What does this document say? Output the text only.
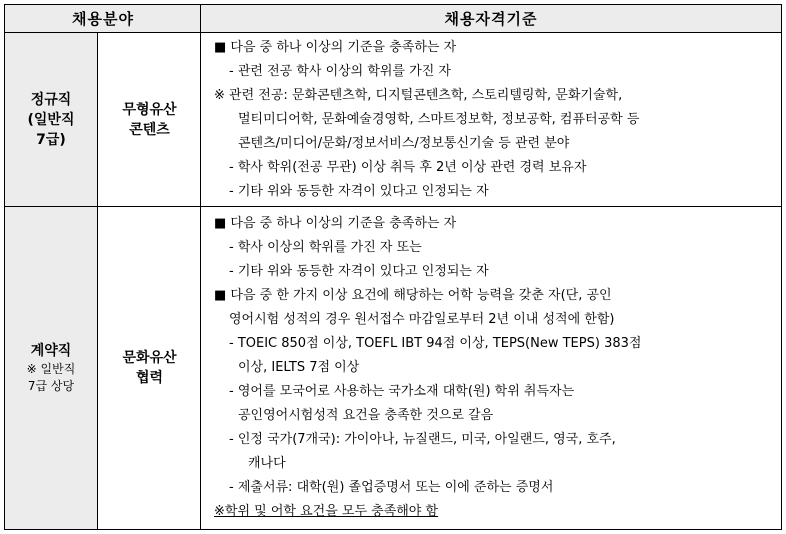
채용분야	채용자격기준
정규직
(일반직
7급)
무형유산
콘텐츠
계약직
※ 일반직
7급 상당
문화유산
협력
■ 다음 중 하나 이상의 기준을 충족하는 자
- 관련 전공 학사 이상의 학위를 가진 자
※ 관련 전공: 문화콘텐츠학, 디지털콘텐츠학, 스토리텔링학, 문화기술학,
멀티미디어학, 문화예술경영학, 스마트정보학, 정보공학, 컴퓨터공학 등
콘텐츠/미디어/문화/정보서비스/정보통신기술 등 관련 분야
- 학사 학위(전공 무관) 이상 취득 후 2년 이상 관련 경력 보유자
- 기타 위와 동등한 자격이 있다고 인정되는 자
■ 다음 중 하나 이상의 기준을 충족하는 자
- 학사 이상의 학위를 가진 자 또는
- 기타 위와 동등한 자격이 있다고 인정되는 자
■ 다음 중 한 가지 이상 요건에 해당하는 어학 능력을 갖춘 자(단, 공인
영어시험 성적의 경우 원서접수 마감일로부터 2년 이내 성적에 한함)
- TOEIC 850점 이상, TOEFL IBT 94점 이상, TEPS(New TEPS) 383점
이상, IELTS 7점 이상
- 영어를 모국어로 사용하는 국가소재 대학(원) 학위 취득자는
공인영어시험성적 요건을 충족한 것으로 갈음
- 인정 국가(7개국): 가이아나, 뉴질랜드, 미국, 아일랜드, 영국, 호주,
캐나다
- 제출서류: 대학(원) 졸업증명서 또는 이에 준하는 증명서
※학위 및 어학 요건을 모두 충족해야 함
